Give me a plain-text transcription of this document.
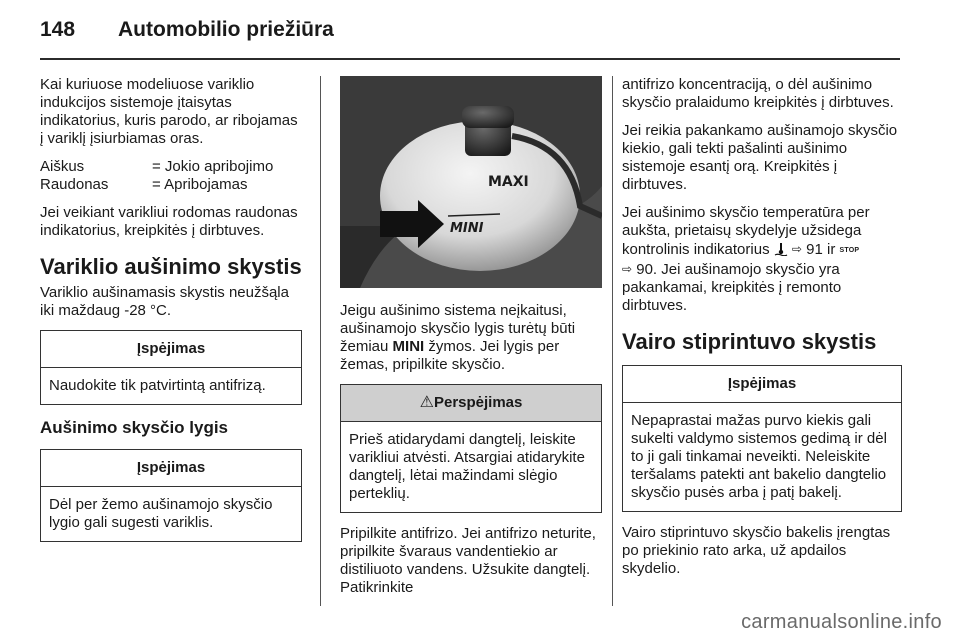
148 Automobilio priežiūra

Kai kuriuose modeliuose variklio indukcijos sistemoje įtaisytas indikatorius, kuris parodo, ar ribojamas į variklį įsiurbiamas oras.

Aiškus	= Jokio apribojimo
Raudonas	= Apribojamas

Jei veikiant varikliui rodomas raudonas indikatorius, kreipkitės į dirbtuves.

Variklio aušinimo skystis

Variklio aušinamasis skystis neužšąla iki maždaug -28 °C.

Įspėjimas
Naudokite tik patvirtintą antifrizą.
Aušinimo skysčio lygis
Įspėjimas
Dėl per žemo aušinamojo skysčio lygio gali sugesti variklis.
MAXI
MINI

Jeigu aušinimo sistema neįkaitusi, aušinamojo skysčio lygis turėtų būti žemiau MINI žymos. Jei lygis per žemas, pripilkite skysčio.

⚠Perspėjimas
Prieš atidarydami dangtelį, leiskite varikliui atvėsti. Atsargiai atidarykite dangtelį, lėtai mažindami slėgio perteklių.

Pripilkite antifrizo. Jei antifrizo neturite, pripilkite švaraus vandentiekio ar distiliuoto vandens. Užsukite dangtelį. Patikrinkite

antifrizo koncentraciją, o dėl aušinimo skysčio pralaidumo kreipkitės į dirbtuves.

Jei reikia pakankamo aušinamojo skysčio kiekio, gali tekti pašalinti aušinimo sistemoje esantį orą. Kreipkitės į dirbtuves.

Jei aušinimo skysčio temperatūra per aukšta, prietaisų skydelyje užsidega kontrolinis indikatorius  ⇨ 91 ir STOP
⇨ 90. Jei aušinamojo skysčio yra pakankamai, kreipkitės į remonto dirbtuves.

Vairo stiprintuvo skystis
Įspėjimas
Nepaprastai mažas purvo kiekis gali sukelti valdymo sistemos gedimą ir dėl to ji gali tinkamai neveikti. Neleiskite teršalams patekti ant bakelio dangtelio skysčio pusės arba į patį bakelį.

Vairo stiprintuvo skysčio bakelis įrengtas po priekinio rato arka, už apdailos skydelio.

carmanualsonline.info
